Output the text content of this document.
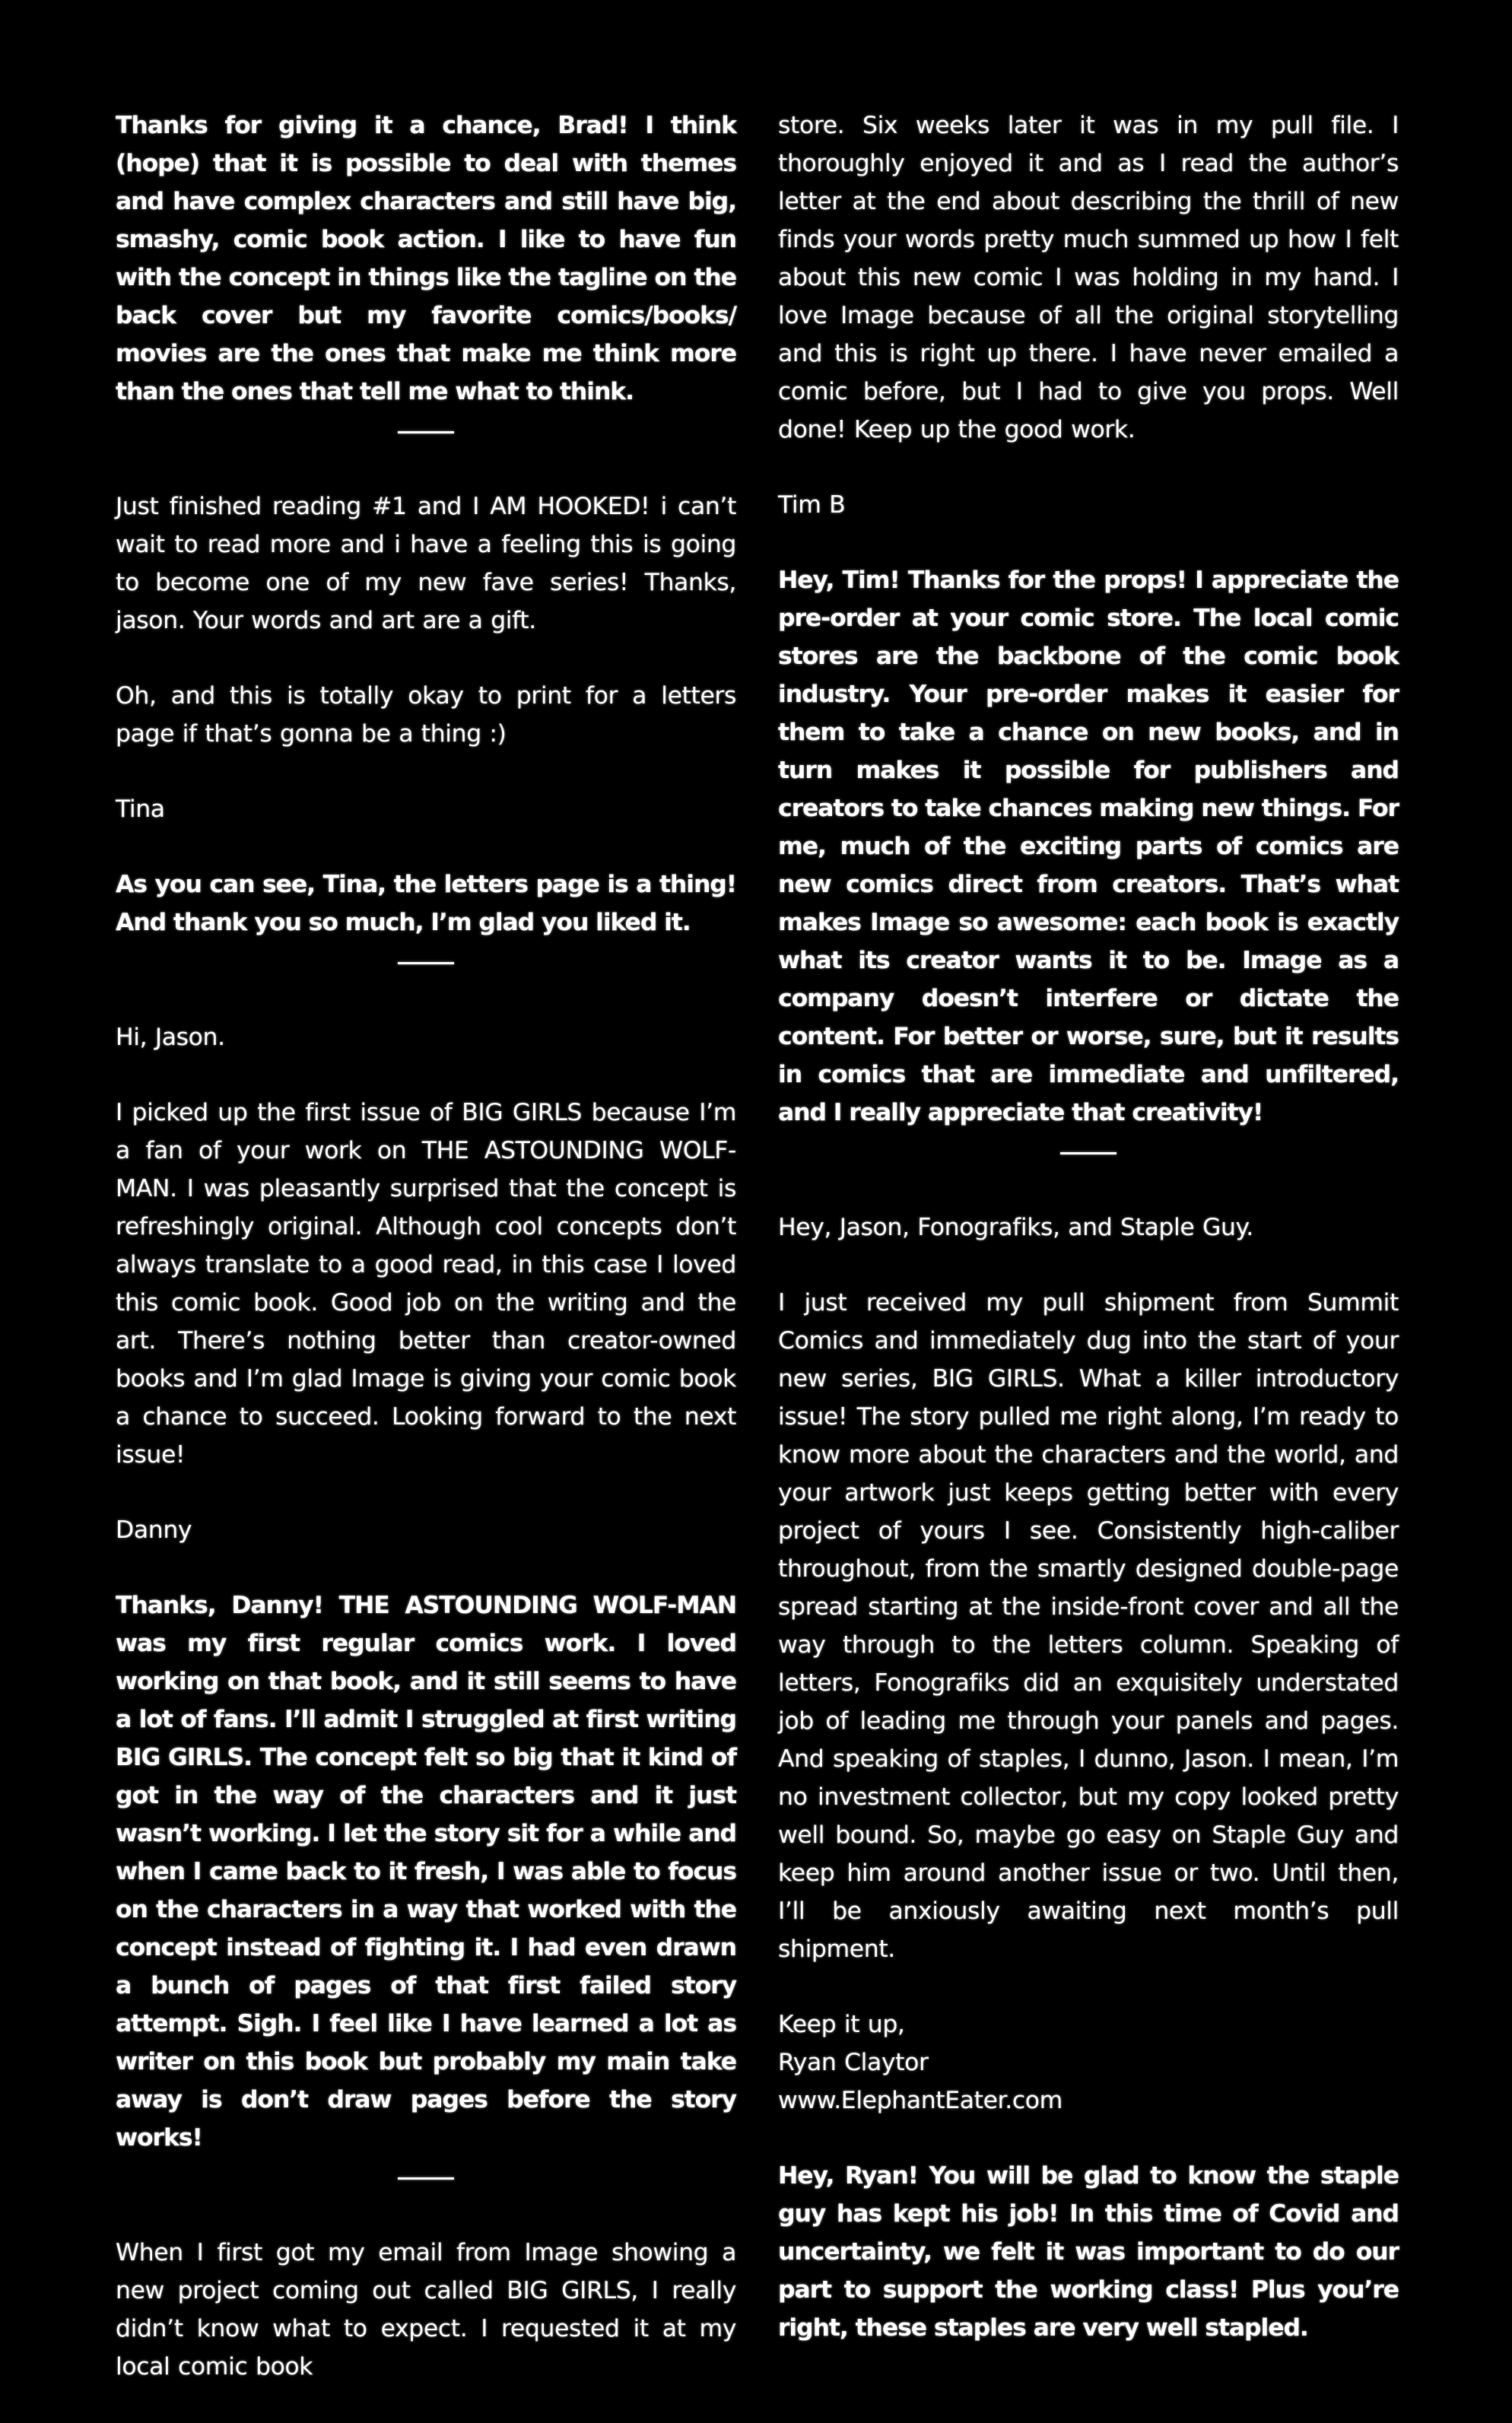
Thanks for giving it a chance, Brad! I think (hope) that it is possible to deal with themes and have complex characters and still have big, smashy, comic book action. I like to have fun with the concept in things like the tagline on the back cover but my favorite comics/books/ movies are the ones that make me think more than the ones that tell me what to think.

Just finished reading #1 and I AM HOOKED! i can’t wait to read more and i have a feeling this is going to become one of my new fave series! Thanks, jason. Your words and art are a gift.

Oh, and this is totally okay to print for a letters page if that’s gonna be a thing :)

Tina

As you can see, Tina, the letters page is a thing! And thank you so much, I’m glad you liked it.

Hi, Jason.

I picked up the first issue of BIG GIRLS because I’m a fan of your work on THE ASTOUNDING WOLF-MAN. I was pleasantly surprised that the concept is refreshingly original. Although cool concepts don’t always translate to a good read, in this case I loved this comic book. Good job on the writing and the art. There’s nothing better than creator-owned books and I’m glad Image is giving your comic book a chance to succeed. Looking forward to the next issue!

Danny

Thanks, Danny! THE ASTOUNDING WOLF-MAN was my first regular comics work. I loved working on that book, and it still seems to have a lot of fans. I’ll admit I struggled at first writing BIG GIRLS. The concept felt so big that it kind of got in the way of the characters and it just wasn’t working. I let the story sit for a while and when I came back to it fresh, I was able to focus on the characters in a way that worked with the concept instead of fighting it. I had even drawn a bunch of pages of that first failed story attempt. Sigh. I feel like I have learned a lot as writer on this book but probably my main take away is don’t draw pages before the story works!

When I first got my email from Image showing a new project coming out called BIG GIRLS, I really didn’t know what to expect. I requested it at my local comic book

store. Six weeks later it was in my pull file. I thoroughly enjoyed it and as I read the author’s letter at the end about describing the thrill of new finds your words pretty much summed up how I felt about this new comic I was holding in my hand. I love Image because of all the original storytelling and this is right up there. I have never emailed a comic before, but I had to give you props. Well done! Keep up the good work.

Tim B

Hey, Tim! Thanks for the props! I appreciate the pre-order at your comic store. The local comic stores are the backbone of the comic book industry. Your pre-order makes it easier for them to take a chance on new books, and in turn makes it possible for publishers and creators to take chances making new things. For me, much of the exciting parts of comics are new comics direct from creators. That’s what makes Image so awesome: each book is exactly what its creator wants it to be. Image as a company doesn’t interfere or dictate the content. For better or worse, sure, but it results in comics that are immediate and unfiltered, and I really appreciate that creativity!

Hey, Jason, Fonografiks, and Staple Guy.

I just received my pull shipment from Summit Comics and immediately dug into the start of your new series, BIG GIRLS. What a killer introductory issue! The story pulled me right along, I’m ready to know more about the characters and the world, and your artwork just keeps getting better with every project of yours I see. Consistently high-caliber throughout, from the smartly designed double-page spread starting at the inside-front cover and all the way through to the letters column. Speaking of letters, Fonografiks did an exquisitely understated job of leading me through your panels and pages. And speaking of staples, I dunno, Jason. I mean, I’m no investment collector, but my copy looked pretty well bound. So, maybe go easy on Staple Guy and keep him around another issue or two. Until then, I’ll be anxiously awaiting next month’s pull shipment.

Keep it up,
Ryan Claytor
www.ElephantEater.com

Hey, Ryan! You will be glad to know the staple guy has kept his job! In this time of Covid and uncertainty, we felt it was important to do our part to support the working class! Plus you’re right, these staples are very well stapled.
